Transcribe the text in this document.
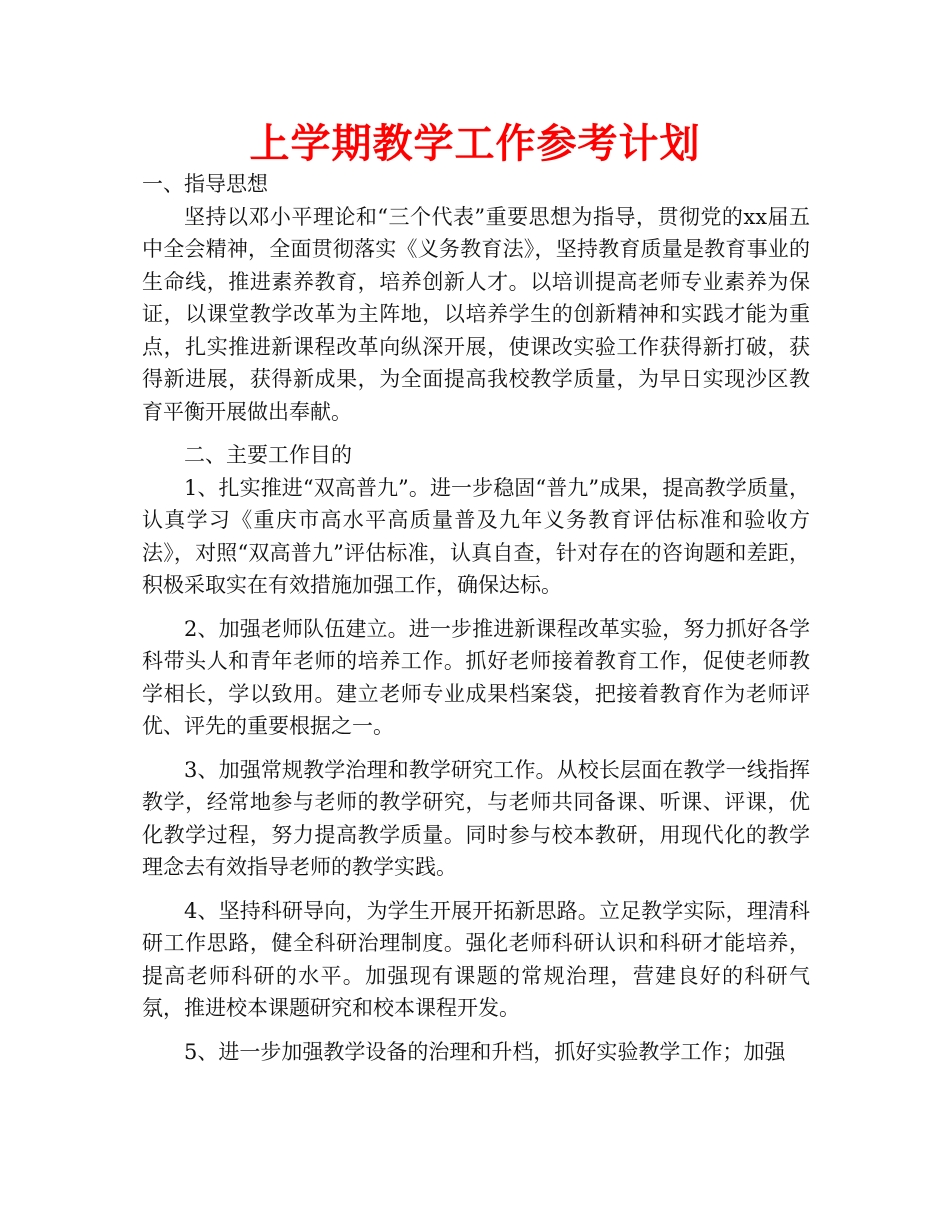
上学期教学工作参考计划

一、指导思想

坚持以邓小平理论和“三个代表”重要思想为指导，贯彻党的xx届五中全会精神，全面贯彻落实《义务教育法》，坚持教育质量是教育事业的生命线，推进素养教育，培养创新人才。以培训提高老师专业素养为保证，以课堂教学改革为主阵地，以培养学生的创新精神和实践才能为重点，扎实推进新课程改革向纵深开展，使课改实验工作获得新打破，获得新进展，获得新成果，为全面提高我校教学质量，为早日实现沙区教育平衡开展做出奉献。

二、主要工作目的

1、扎实推进“双高普九”。进一步稳固“普九”成果，提高教学质量，认真学习《重庆市高水平高质量普及九年义务教育评估标准和验收方法》，对照“双高普九”评估标准，认真自查，针对存在的咨询题和差距，积极采取实在有效措施加强工作，确保达标。

2、加强老师队伍建立。进一步推进新课程改革实验，努力抓好各学科带头人和青年老师的培养工作。抓好老师接着教育工作，促使老师教学相长，学以致用。建立老师专业成果档案袋，把接着教育作为老师评优、评先的重要根据之一。

3、加强常规教学治理和教学研究工作。从校长层面在教学一线指挥教学，经常地参与老师的教学研究，与老师共同备课、听课、评课，优化教学过程，努力提高教学质量。同时参与校本教研，用现代化的教学理念去有效指导老师的教学实践。

4、坚持科研导向，为学生开展开拓新思路。立足教学实际，理清科研工作思路，健全科研治理制度。强化老师科研认识和科研才能培养，提高老师科研的水平。加强现有课题的常规治理，营建良好的科研气氛，推进校本课题研究和校本课程开发。

5、进一步加强教学设备的治理和升档，抓好实验教学工作；加强
